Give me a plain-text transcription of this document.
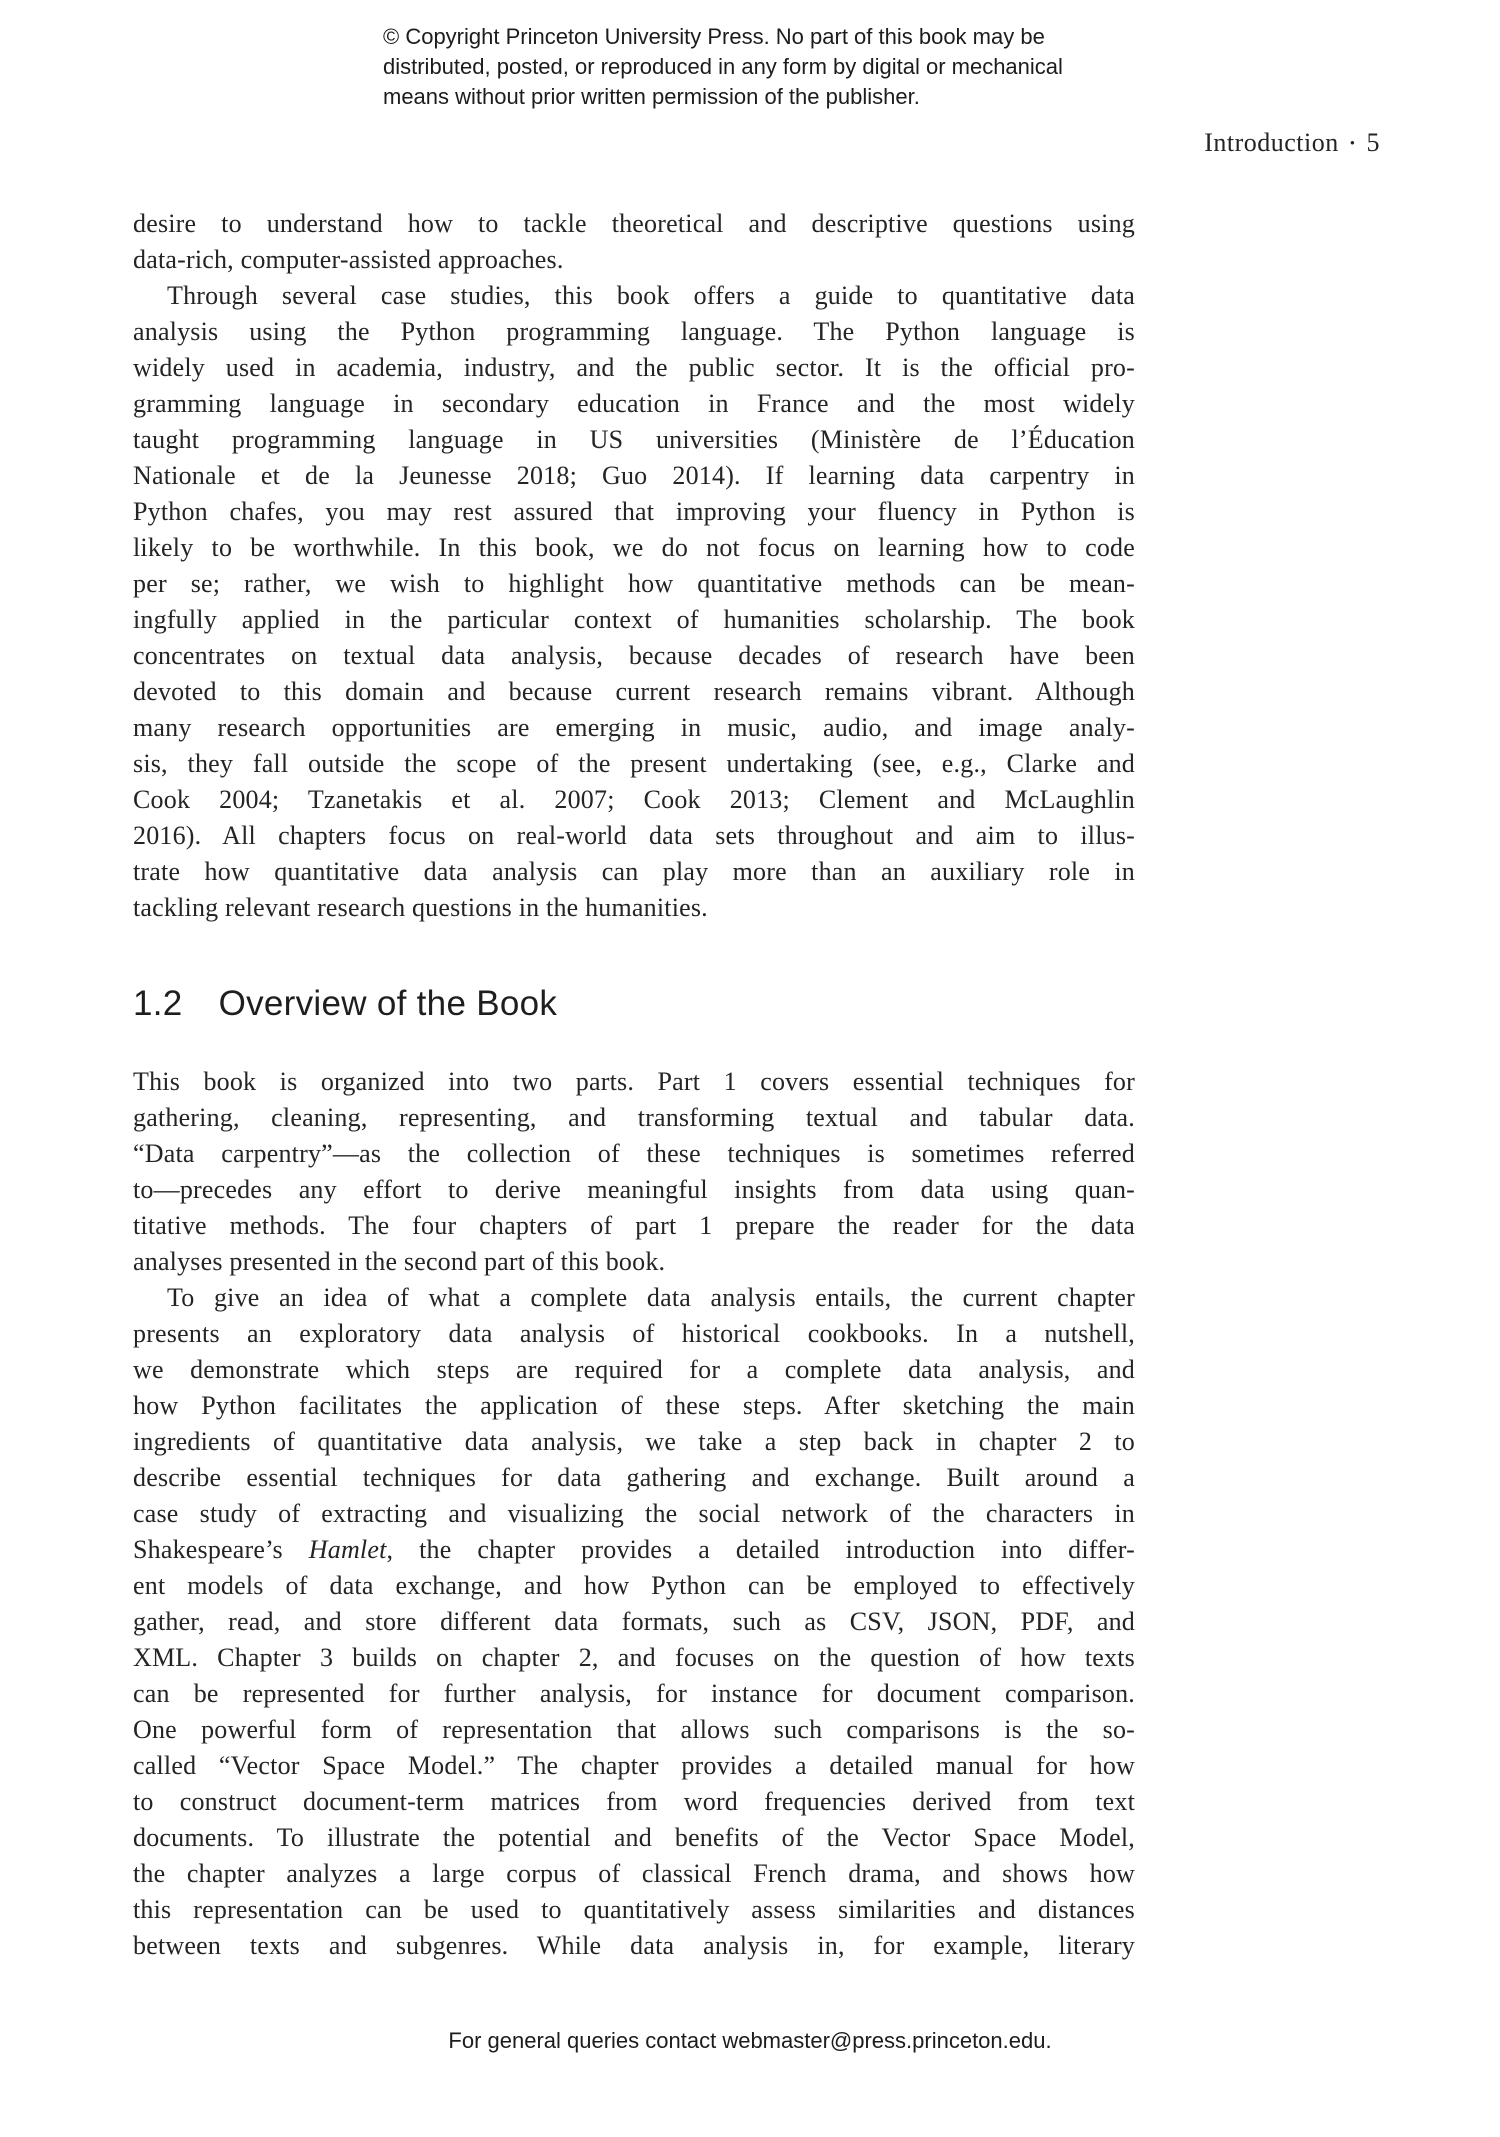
© Copyright Princeton University Press. No part of this book may be
distributed, posted, or reproduced in any form by digital or mechanical
means without prior written permission of the publisher.
Introduction • 5
desire to understand how to tackle theoretical and descriptive questions using
data-rich, computer-assisted approaches.
Through several case studies, this book offers a guide to quantitative data
analysis using the Python programming language. The Python language is
widely used in academia, industry, and the public sector. It is the official pro-
gramming language in secondary education in France and the most widely
taught programming language in US universities (Ministère de l’Éducation
Nationale et de la Jeunesse 2018; Guo 2014). If learning data carpentry in
Python chafes, you may rest assured that improving your fluency in Python is
likely to be worthwhile. In this book, we do not focus on learning how to code
per se; rather, we wish to highlight how quantitative methods can be mean-
ingfully applied in the particular context of humanities scholarship. The book
concentrates on textual data analysis, because decades of research have been
devoted to this domain and because current research remains vibrant. Although
many research opportunities are emerging in music, audio, and image analy-
sis, they fall outside the scope of the present undertaking (see, e.g., Clarke and
Cook 2004; Tzanetakis et al. 2007; Cook 2013; Clement and McLaughlin
2016). All chapters focus on real-world data sets throughout and aim to illus-
trate how quantitative data analysis can play more than an auxiliary role in
tackling relevant research questions in the humanities.
1.2 Overview of the Book
This book is organized into two parts. Part 1 covers essential techniques for
gathering, cleaning, representing, and transforming textual and tabular data.
“Data carpentry”—as the collection of these techniques is sometimes referred
to—precedes any effort to derive meaningful insights from data using quan-
titative methods. The four chapters of part 1 prepare the reader for the data
analyses presented in the second part of this book.
To give an idea of what a complete data analysis entails, the current chapter
presents an exploratory data analysis of historical cookbooks. In a nutshell,
we demonstrate which steps are required for a complete data analysis, and
how Python facilitates the application of these steps. After sketching the main
ingredients of quantitative data analysis, we take a step back in chapter 2 to
describe essential techniques for data gathering and exchange. Built around a
case study of extracting and visualizing the social network of the characters in
Shakespeare’s Hamlet, the chapter provides a detailed introduction into differ-
ent models of data exchange, and how Python can be employed to effectively
gather, read, and store different data formats, such as CSV, JSON, PDF, and
XML. Chapter 3 builds on chapter 2, and focuses on the question of how texts
can be represented for further analysis, for instance for document comparison.
One powerful form of representation that allows such comparisons is the so-
called “Vector Space Model.” The chapter provides a detailed manual for how
to construct document-term matrices from word frequencies derived from text
documents. To illustrate the potential and benefits of the Vector Space Model,
the chapter analyzes a large corpus of classical French drama, and shows how
this representation can be used to quantitatively assess similarities and distances
between texts and subgenres. While data analysis in, for example, literary
For general queries contact webmaster@press.princeton.edu.
